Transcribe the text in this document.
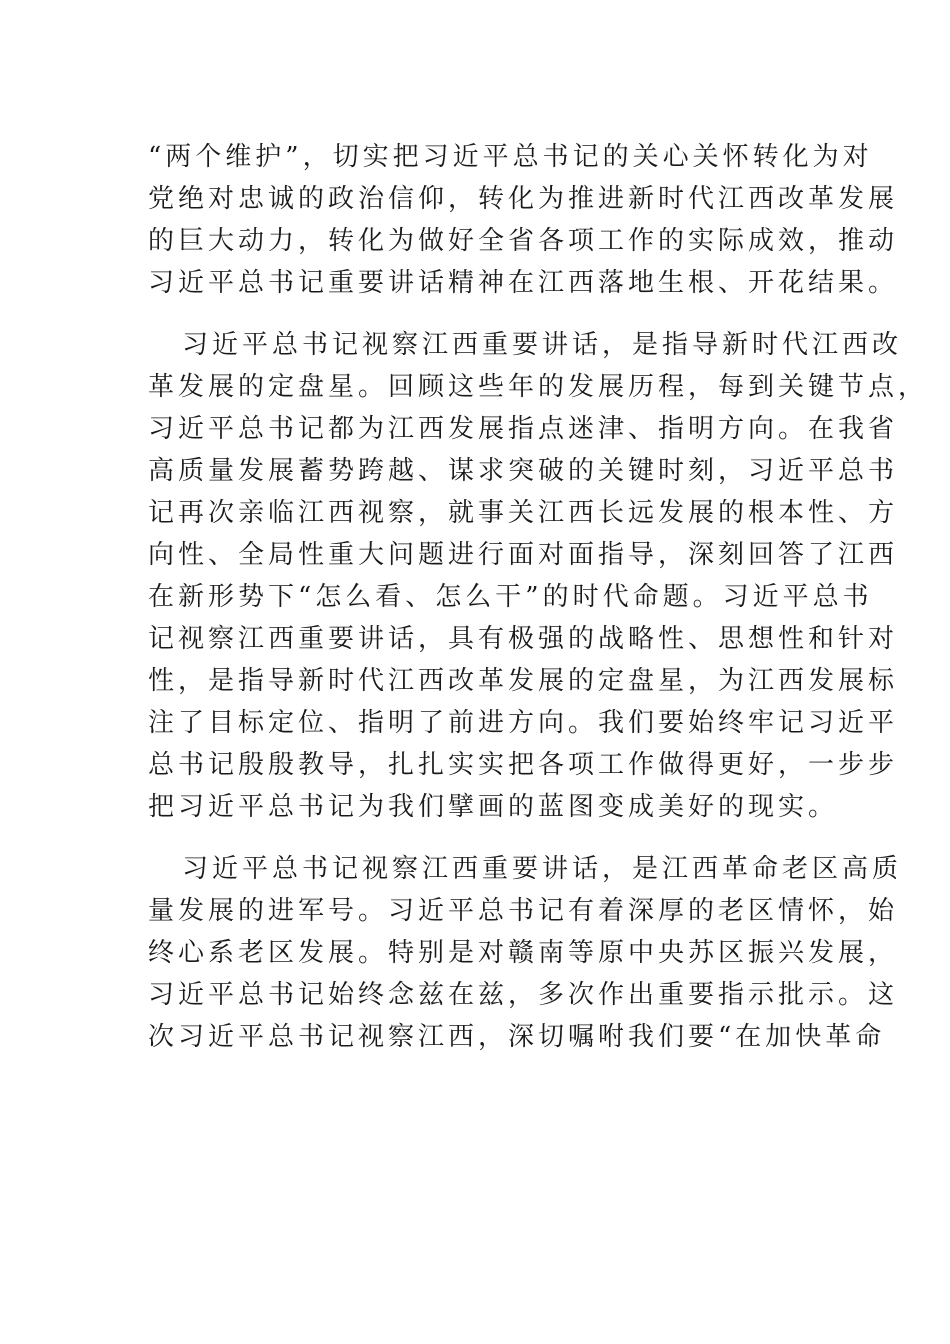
“两个维护”，切实把习近平总书记的关心关怀转化为对
党绝对忠诚的政治信仰，转化为推进新时代江西改革发展
的巨大动力，转化为做好全省各项工作的实际成效，推动
习近平总书记重要讲话精神在江西落地生根、开花结果。
习近平总书记视察江西重要讲话，是指导新时代江西改
革发展的定盘星。回顾这些年的发展历程，每到关键节点，
习近平总书记都为江西发展指点迷津、指明方向。在我省
高质量发展蓄势跨越、谋求突破的关键时刻，习近平总书
记再次亲临江西视察，就事关江西长远发展的根本性、方
向性、全局性重大问题进行面对面指导，深刻回答了江西
在新形势下“怎么看、怎么干”的时代命题。习近平总书
记视察江西重要讲话，具有极强的战略性、思想性和针对
性，是指导新时代江西改革发展的定盘星，为江西发展标
注了目标定位、指明了前进方向。我们要始终牢记习近平
总书记殷殷教导，扎扎实实把各项工作做得更好，一步步
把习近平总书记为我们擘画的蓝图变成美好的现实。
习近平总书记视察江西重要讲话，是江西革命老区高质
量发展的进军号。习近平总书记有着深厚的老区情怀，始
终心系老区发展。特别是对赣南等原中央苏区振兴发展，
习近平总书记始终念兹在兹，多次作出重要指示批示。这
次习近平总书记视察江西，深切嘱咐我们要“在加快革命
